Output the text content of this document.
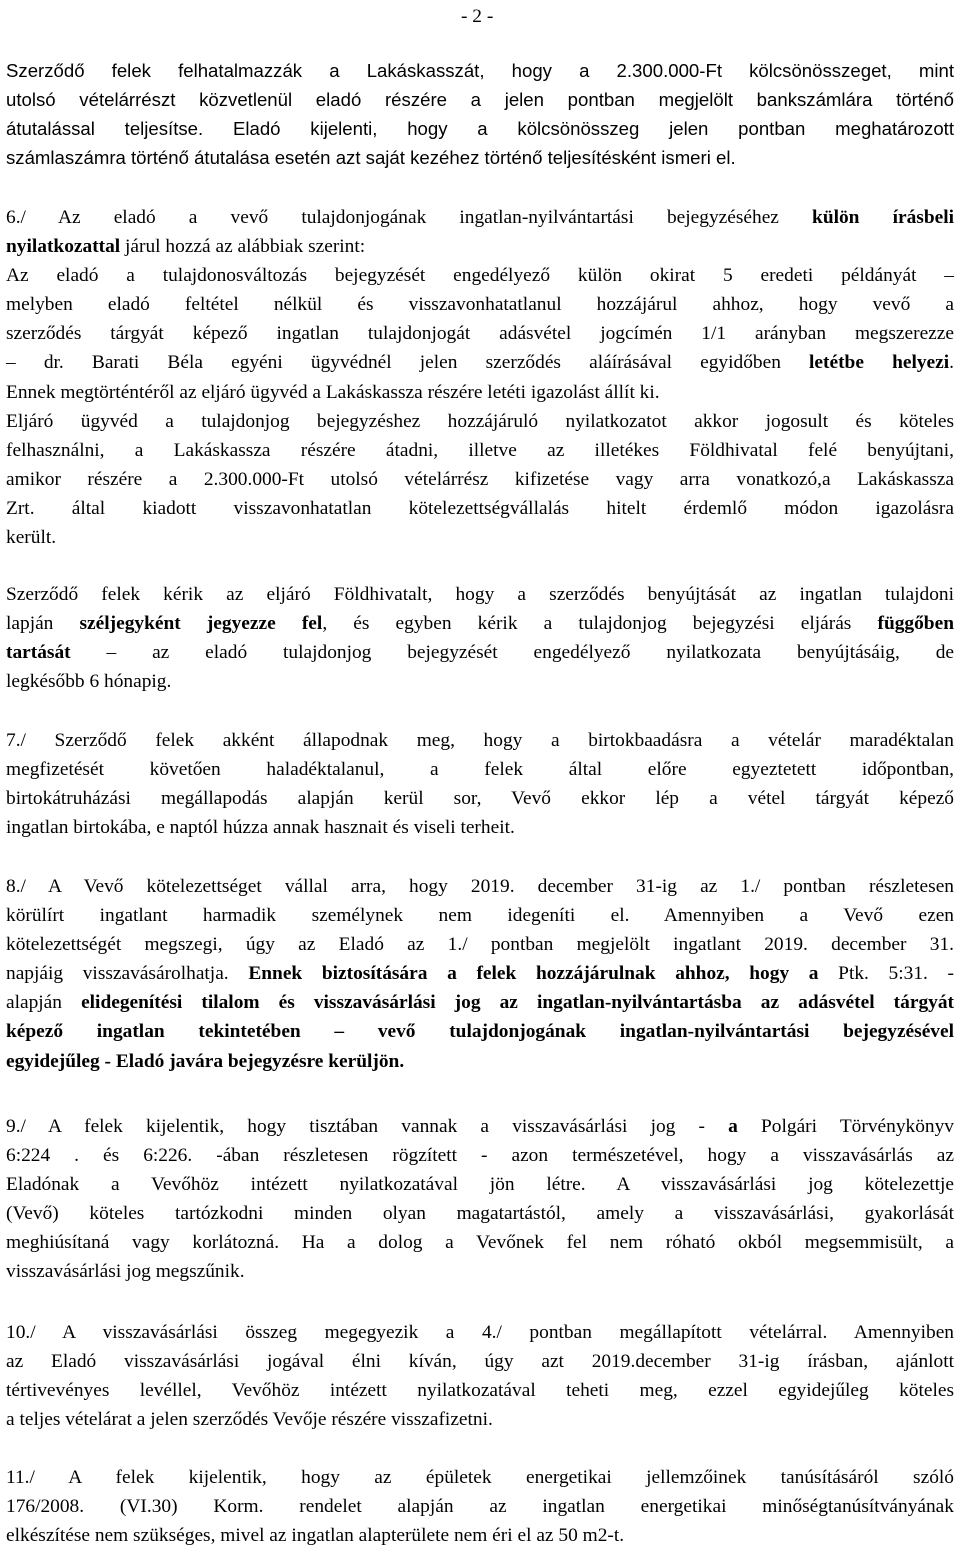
- 2 -
Szerződő felek felhatalmazzák a Lakáskasszát, hogy a 2.300.000-Ft kölcsönösszeget, mint
utolsó vételárrészt közvetlenül eladó részére a jelen pontban megjelölt bankszámlára történő
átutalással teljesítse. Eladó kijelenti, hogy a kölcsönösszeg jelen pontban meghatározott
számlaszámra történő átutalása esetén azt saját kezéhez történő teljesítésként ismeri el.
6./ Az eladó a vevő tulajdonjogának ingatlan-nyilvántartási bejegyzéséhez külön írásbeli
nyilatkozattal járul hozzá az alábbiak szerint:
Az eladó a tulajdonosváltozás bejegyzését engedélyező külön okirat 5 eredeti példányát –
melyben eladó feltétel nélkül és visszavonhatatlanul hozzájárul ahhoz, hogy vevő a
szerződés tárgyát képező ingatlan tulajdonjogát adásvétel jogcímén 1/1 arányban megszerezze
– dr. Barati Béla egyéni ügyvédnél jelen szerződés aláírásával egyidőben letétbe helyezi.
Ennek megtörténtéről az eljáró ügyvéd a Lakáskassza részére letéti igazolást állít ki.
Eljáró ügyvéd a tulajdonjog bejegyzéshez hozzájáruló nyilatkozatot akkor jogosult és köteles
felhasználni, a Lakáskassza részére átadni, illetve az illetékes Földhivatal felé benyújtani,
amikor részére a 2.300.000-Ft utolsó vételárrész kifizetése vagy arra vonatkozó,a Lakáskassza
Zrt. által kiadott visszavonhatatlan kötelezettségvállalás hitelt érdemlő módon igazolásra
került.
Szerződő felek kérik az eljáró Földhivatalt, hogy a szerződés benyújtását az ingatlan tulajdoni
lapján széljegyként jegyezze fel, és egyben kérik a tulajdonjog bejegyzési eljárás függőben
tartását – az eladó tulajdonjog bejegyzését engedélyező nyilatkozata benyújtásáig, de
legkésőbb 6 hónapig.
7./ Szerződő felek akként állapodnak meg, hogy a birtokbaadásra a vételár maradéktalan
megfizetését követően haladéktalanul, a felek által előre egyeztetett időpontban,
birtokátruházási megállapodás alapján kerül sor, Vevő ekkor lép a vétel tárgyát képező
ingatlan birtokába, e naptól húzza annak hasznait és viseli terheit.
8./ A Vevő kötelezettséget vállal arra, hogy 2019. december 31-ig az 1./ pontban részletesen
körülírt ingatlant harmadik személynek nem idegeníti el. Amennyiben a Vevő ezen
kötelezettségét megszegi, úgy az Eladó az 1./ pontban megjelölt ingatlant 2019. december 31.
napjáig visszavásárolhatja. Ennek biztosítására a felek hozzájárulnak ahhoz, hogy a Ptk. 5:31. -
alapján elidegenítési tilalom és visszavásárlási jog az ingatlan-nyilvántartásba az adásvétel tárgyát
képező ingatlan tekintetében – vevő tulajdonjogának ingatlan-nyilvántartási bejegyzésével
egyidejűleg - Eladó javára bejegyzésre kerüljön.
9./ A felek kijelentik, hogy tisztában vannak a visszavásárlási jog - a Polgári Törvénykönyv
6:224 . és 6:226. -ában részletesen rögzített - azon természetével, hogy a visszavásárlás az
Eladónak a Vevőhöz intézett nyilatkozatával jön létre. A visszavásárlási jog kötelezettje
(Vevő) köteles tartózkodni minden olyan magatartástól, amely a visszavásárlási, gyakorlását
meghiúsítaná vagy korlátozná. Ha a dolog a Vevőnek fel nem róható okból megsemmisült, a
visszavásárlási jog megszűnik.
10./ A visszavásárlási összeg megegyezik a 4./ pontban megállapított vételárral. Amennyiben
az Eladó visszavásárlási jogával élni kíván, úgy azt 2019.december 31-ig írásban, ajánlott
tértivevényes levéllel, Vevőhöz intézett nyilatkozatával teheti meg, ezzel egyidejűleg köteles
a teljes vételárat a jelen szerződés Vevője részére visszafizetni.
11./ A felek kijelentik, hogy az épületek energetikai jellemzőinek tanúsításáról szóló
176/2008. (VI.30) Korm. rendelet alapján az ingatlan energetikai minőségtanúsítványának
elkészítése nem szükséges, mivel az ingatlan alapterülete nem éri el az 50 m2-t.
